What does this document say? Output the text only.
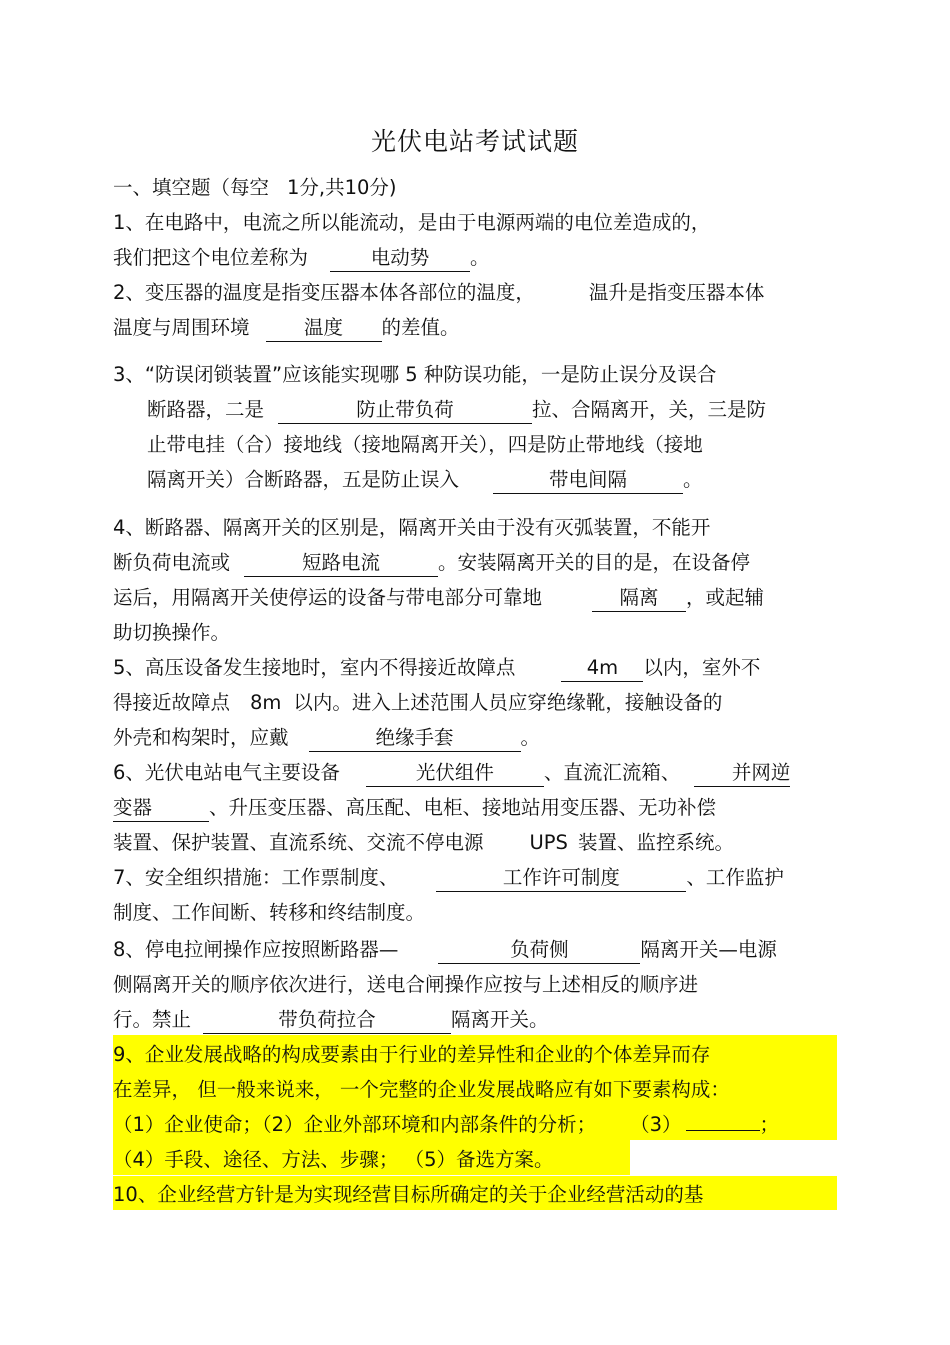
光伏电站考试试题
一、填空题（每空 1分,共10分)
1、在电路中，电流之所以能流动，是由于电源两端的电位差造成的，
我们把这个电位差称为	电动势 。
2、变压器的温度是指变压器本体各部位的温度，	温升是指变压器本体
温度与周围环境	温度 的差值。
3、“防误闭锁装置”应该能实现哪 5 种防误功能，一是防止误分及误合
断路器，二是	防止带负荷	拉、合隔离开，关，三是防
止带电挂（合）接地线（接地隔离开关），四是防止带地线（接地
隔离开关）合断路器，五是防止误入	带电间隔	。
4、断路器、隔离开关的区别是，隔离开关由于没有灭弧装置，不能开
断负荷电流或	短路电流	。安装隔离开关的目的是，在设备停
运后，用隔离开关使停运的设备与带电部分可靠地	隔离 ，或起辅
助切换操作。
5、高压设备发生接地时，室内不得接近故障点	4m 以内，室外不
得接近故障点 8m 以内。进入上述范围人员应穿绝缘靴，接触设备的
外壳和构架时，应戴	绝缘手套	。
6、光伏电站电气主要设备	光伏组件	、直流汇流箱、	并网逆
变器	、升压变压器、高压配、电柜、接地站用变压器、无功补偿
装置、保护装置、直流系统、交流不停电源 UPS 装置、监控系统。
7、安全组织措施：工作票制度、	工作许可制度	、工作监护
制度、工作间断、转移和终结制度。
8、停电拉闸操作应按照断路器—	负荷侧	隔离开关—电源
侧隔离开关的顺序依次进行，送电合闸操作应按与上述相反的顺序进
行。禁止	带负荷拉合	隔离开关。
9、企业发展战略的构成要素由于行业的差异性和企业的个体差异而存
在差异， 但一般来说来， 一个完整的企业发展战略应有如下要素构成：
（1）企业使命；（2）企业外部环境和内部条件的分析； （3）	；
（4）手段、途径、方法、步骤； （5）备选方案。
10、企业经营方针是为实现经营目标所确定的关于企业经营活动的基
